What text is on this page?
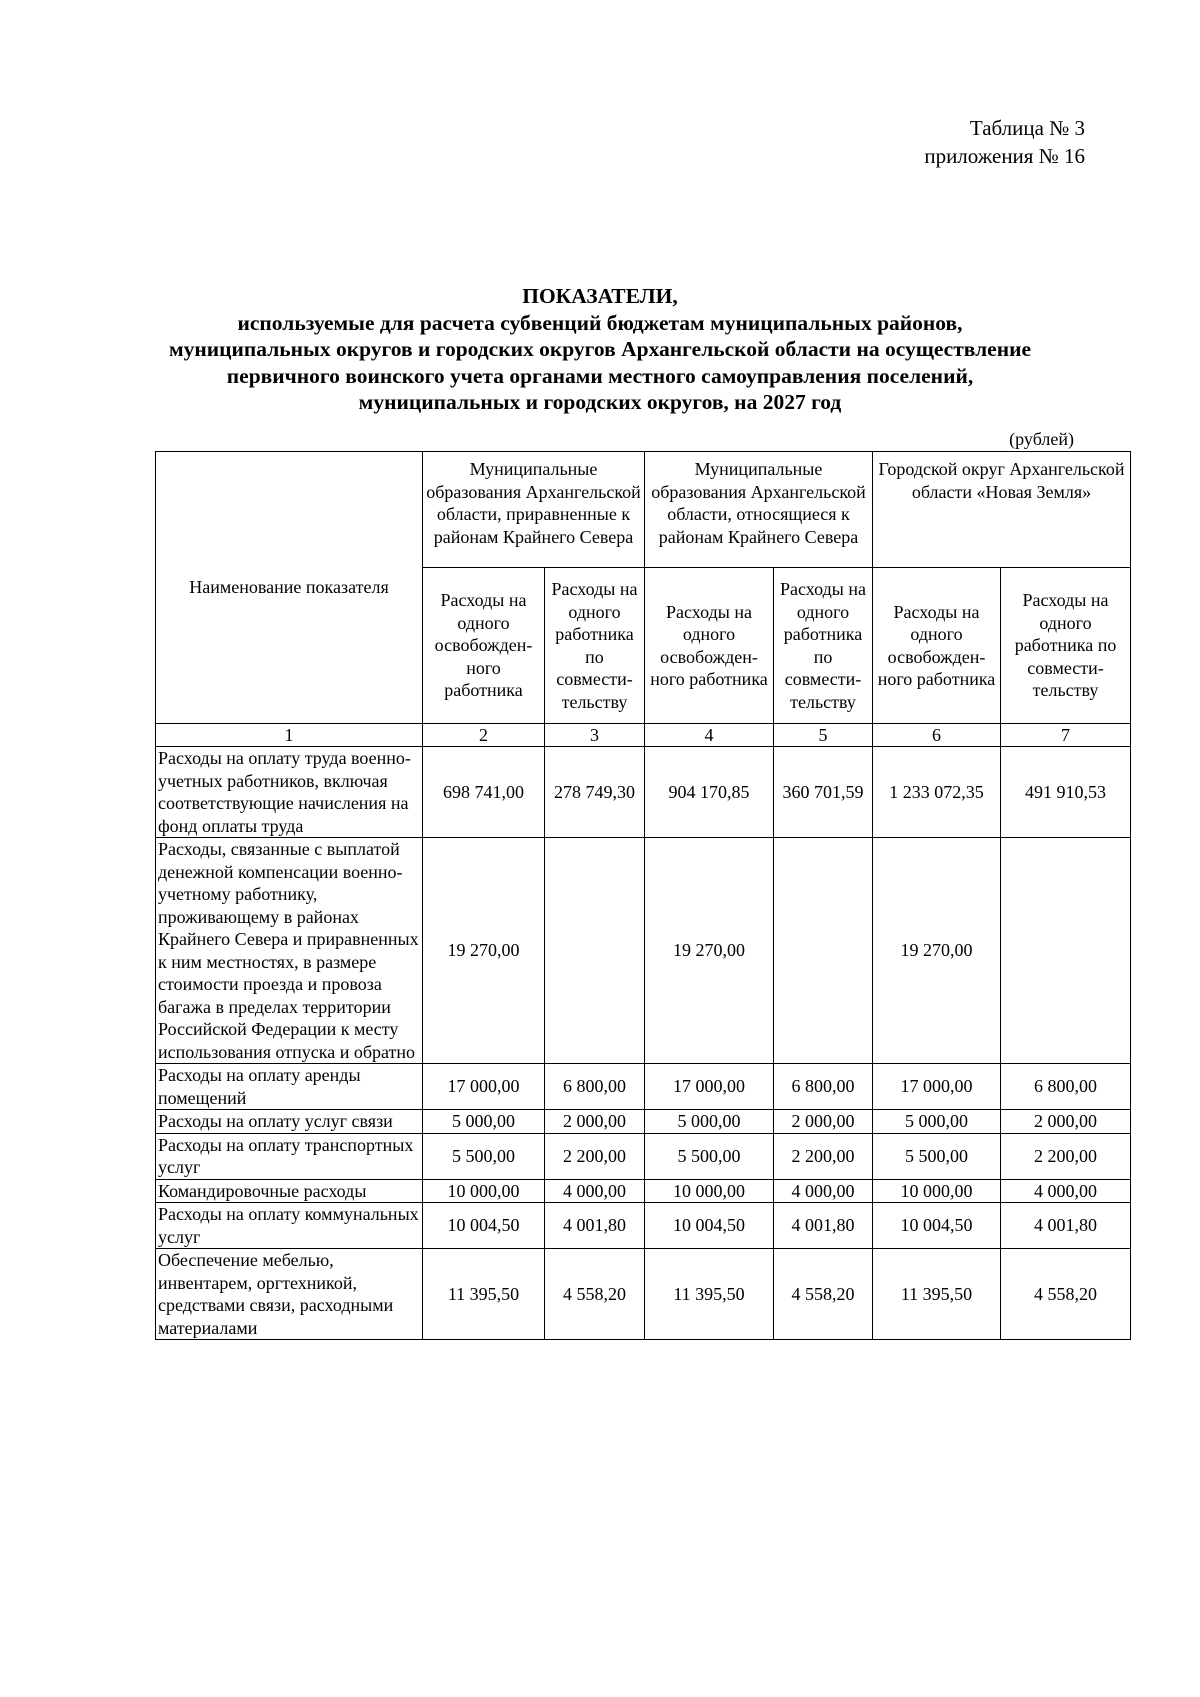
Таблица № 3
приложения № 16
ПОКАЗАТЕЛИ,
используемые для расчета субвенций бюджетам муниципальных районов,
муниципальных округов и городских округов Архангельской области на осуществление
первичного воинского учета органами местного самоуправления поселений,
муниципальных и городских округов, на 2027 год
(рублей)
Наименование показателя	Муниципальные образования Архангельской области, приравненные к районам Крайнего Севера		Муниципальные образования Архангельской области, относящиеся к районам Крайнего Севера		Городской округ Архангельской области «Новая Земля»	
	Расходы на одного освобожден-ного работника	Расходы на одного работника по совмести-тельству	Расходы на одного освобожден-ного работника	Расходы на одного работника по совмести-тельству	Расходы на одного освобожден-ного работника	Расходы на одного работника по совмести-тельству
1	2	3	4	5	6	7
Расходы на оплату труда военно-учетных работников, включая соответствующие начисления на фонд оплаты труда	698 741,00	278 749,30	904 170,85	360 701,59	1 233 072,35	491 910,53
Расходы, связанные с выплатой денежной компенсации военно-учетному работнику, проживающему в районах Крайнего Севера и приравненных к ним местностях, в размере стоимости проезда и провоза багажа в пределах территории Российской Федерации к месту использования отпуска и обратно	19 270,00		19 270,00		19 270,00	
Расходы на оплату аренды помещений	17 000,00	6 800,00	17 000,00	6 800,00	17 000,00	6 800,00
Расходы на оплату услуг связи	5 000,00	2 000,00	5 000,00	2 000,00	5 000,00	2 000,00
Расходы на оплату транспортных услуг	5 500,00	2 200,00	5 500,00	2 200,00	5 500,00	2 200,00
Командировочные расходы	10 000,00	4 000,00	10 000,00	4 000,00	10 000,00	4 000,00
Расходы на оплату коммунальных услуг	10 004,50	4 001,80	10 004,50	4 001,80	10 004,50	4 001,80
Обеспечение мебелью, инвентарем, оргтехникой, средствами связи, расходными материалами	11 395,50	4 558,20	11 395,50	4 558,20	11 395,50	4 558,20
